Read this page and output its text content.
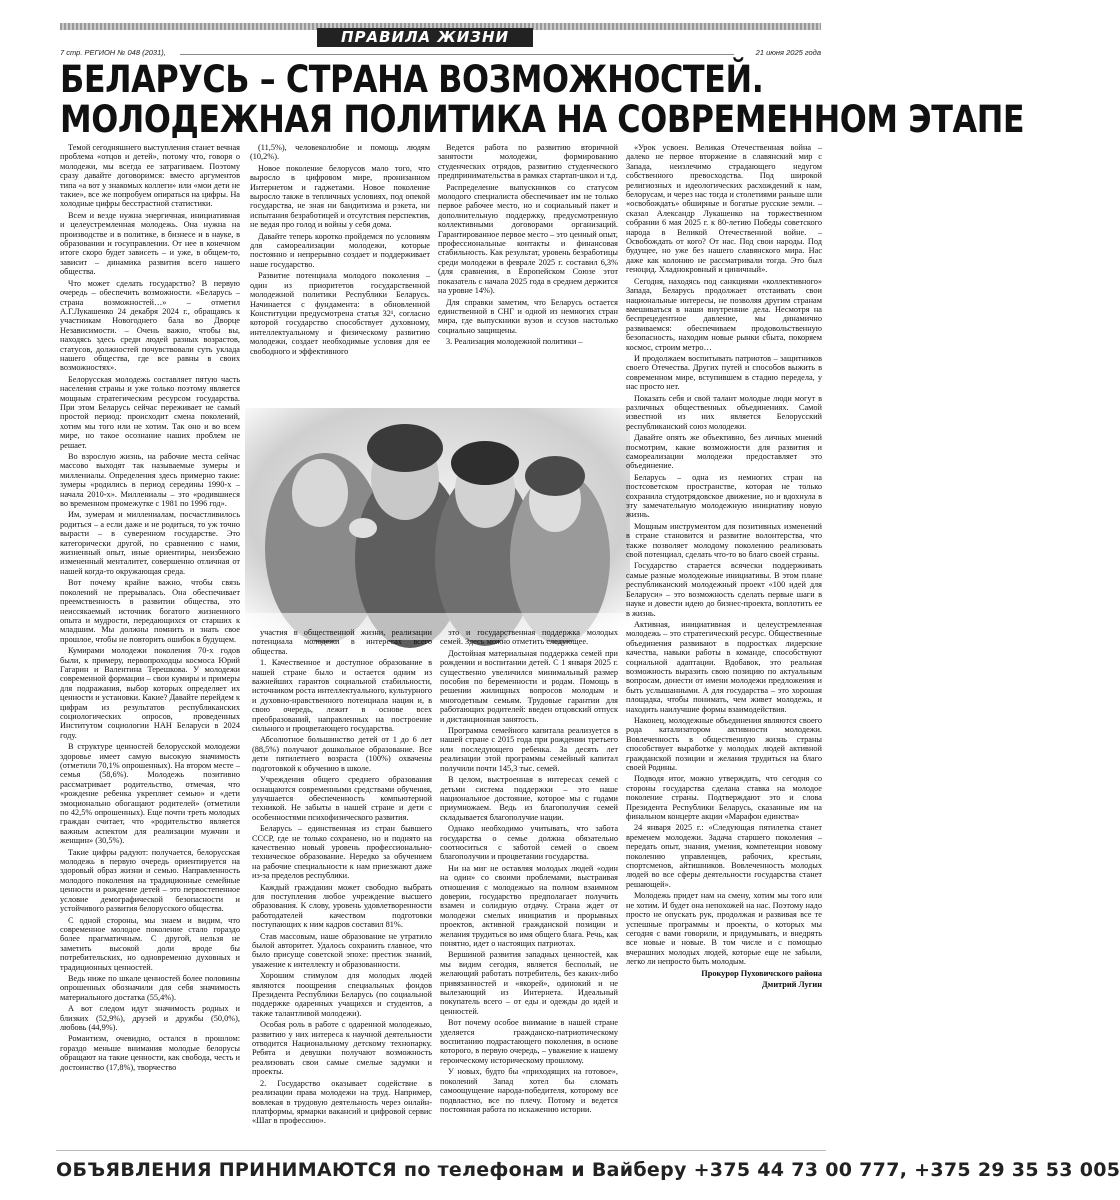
ПРАВИЛА ЖИЗНИ
7 стр. РЕГИОН № 048 (2031),	21 июня 2025 года
БЕЛАРУСЬ – СТРАНА ВОЗМОЖНОСТЕЙ.
МОЛОДЕЖНАЯ ПОЛИТИКА НА СОВРЕМЕННОМ ЭТАПЕ

Темой сегодняшнего выступления станет вечная проблема «отцов и детей», потому что, говоря о молодежи, мы всегда ее затрагиваем. Поэтому сразу давайте договоримся: вместо аргументов типа «а вот у знакомых коллеги» или «мои дети не такие», все же попробуем опираться на цифры. На холодные цифры бесстрастной статистики.

Всем и везде нужна энергичная, инициативная и целеустремленная молодежь. Она нужна на производстве и в политике, в бизнесе и в науке, в образовании и госуправлении. От нее в конечном итоге скоро будет зависеть – и уже, в общем-то, зависит – динамика развития всего нашего общества.

Что может сделать государство? В первую очередь – обеспечить возможности. «Беларусь – страна возможностей…» – отметил А.Г.Лукашенко 24 декабря 2024 г., обращаясь к участникам Новогоднего бала во Дворце Независимости. – Очень важно, чтобы вы, находясь здесь среди людей разных возрастов, статусов, должностей почувствовали суть уклада нашего общества, где все равны в своих возможностях».

Белорусская молодежь составляет пятую часть населения страны и уже только поэтому является мощным стратегическим ресурсом государства. При этом Беларусь сейчас переживает не самый простой период: происходит смена поколений, хотим мы того или не хотим. Так оно и во всем мире, но такое осознание наших проблем не решает.

Во взрослую жизнь, на рабочие места сейчас массово выходят так называемые зумеры и миллениалы. Определения здесь примерно такие: зумеры «родились в период середины 1990-х – начала 2010-х». Миллениалы – это «родившиеся во временном промежутке с 1981 по 1996 год».

Им, зумерам и миллениалам, посчастливилось родиться – а если даже и не родиться, то уж точно вырасти – в суверенном государстве. Это категорически другой, по сравнению с нами, жизненный опыт, иные ориентиры, неизбежно измененный менталитет, совершенно отличная от нашей когда-то окружающая среда.

Вот почему крайне важно, чтобы связь поколений не прерывалась. Она обеспечивает преемственность в развитии общества, это неиссякаемый источник богатого жизненного опыта и мудрости, передающихся от старших к младшим. Мы должны помнить и знать свое прошлое, чтобы не повторить ошибок в будущем.

Кумирами молодежи поколения 70-х годов были, к примеру, первопроходцы космоса Юрий Гагарин и Валентина Терешкова. У молодежи современной формации – свои кумиры и примеры для подражания, выбор которых определяет их ценности и установки. Какие? Давайте перейдем к цифрам из результатов республиканских социологических опросов, проведенных Институтом социологии НАН Беларуси в 2024 году.

В структуре ценностей белорусской молодежи здоровье имеет самую высокую значимость (отметили 70,1% опрошенных). На втором месте – семья (58,6%). Молодежь позитивно рассматривает родительство, отмечая, что «рождение ребенка укрепляет семью» и «дети эмоционально обогащают родителей» (отметили по 42,5% опрошенных). Еще почти треть молодых граждан считает, что «родительство является важным аспектом для реализации мужчин и женщин» (30,5%).

Такие цифры радуют: получается, белорусская молодежь в первую очередь ориентируется на здоровый образ жизни и семью. Направленность молодого поколения на традиционные семейные ценности и рождение детей – это первостепенное условие демографической безопасности и устойчивого развития белорусского общества.

С одной стороны, мы знаем и видим, что современное молодое поколение стало гораздо более прагматичным. С другой, нельзя не заметить высокой доли вроде бы потребительских, но одновременно духовных и традиционных ценностей.

Ведь ниже по шкале ценностей более половины опрошенных обозначили для себя значимость материального достатка (55,4%).

А вот следом идут значимость родных и близких (52,9%), друзей и дружбы (50,0%), любовь (44,9%).

Романтизм, очевидно, остался в прошлом: гораздо меньше внимания молодые белорусы обращают на такие ценности, как свобода, честь и достоинство (17,8%), творчество

(11,5%), человеколюбие и помощь людям (10,2%).

Новое поколение белорусов мало того, что выросло в цифровом мире, пронизанном Интернетом и гаджетами. Новое поколение выросло также в тепличных условиях, под опекой государства, не зная ни бандитизма и рэкета, ни испытания безработицей и отсутствия перспектив, не ведая про голод и войны у себя дома.

Давайте теперь коротко пройдемся по условиям для самореализации молодежи, которые постоянно и непрерывно создает и поддерживает наше государство.

Развитие потенциала молодого поколения – один из приоритетов государственной молодежной политики Республики Беларусь. Начинается с фундамента: в обновленной Конституции предусмотрена статья 32¹, согласно которой государство способствует духовному, интеллектуальному и физическому развитию молодежи, создает необходимые условия для ее свободного и эффективного

Ведется работа по развитию вторичной занятости молодежи, формированию студенческих отрядов, развитию студенческого предпринимательства в рамках стартап-школ и т.д.

Распределение выпускников со статусом молодого специалиста обеспечивает им не только первое рабочее место, но и социальный пакет и дополнительную поддержку, предусмотренную коллективными договорами организаций. Гарантированное первое место – это ценный опыт, профессиональные контакты и финансовая стабильность. Как результат, уровень безработицы среди молодежи в феврале 2025 г. составил 6,3% (для сравнения, в Европейском Союзе этот показатель с начала 2025 года в среднем держится на уровне 14%).

Для справки заметим, что Беларусь остается единственной в СНГ и одной из немногих стран мира, где выпускники вузов и ссузов настолько социально защищены.

3. Реализация молодежной политики –

участия в общественной жизни, реализации потенциала молодежи в интересах всего общества.

1. Качественное и доступное образование в нашей стране было и остается одним из важнейших гарантов социальной стабильности, источником роста интеллектуального, культурного и духовно-нравственного потенциала нации и, в свою очередь, лежит в основе всех преобразований, направленных на построение сильного и процветающего государства.

Абсолютное большинство детей от 1 до 6 лет (88,5%) получают дошкольное образование. Все дети пятилетнего возраста (100%) охвачены подготовкой к обучению в школе.

Учреждения общего среднего образования оснащаются современными средствами обучения, улучшается обеспеченность компьютерной техникой. Не забыты в нашей стране и дети с особенностями психофизического развития.

Беларусь – единственная из стран бывшего СССР, где не только сохранено, но и поднято на качественно новый уровень профессионально-техническое образование. Нередко за обучением на рабочие специальности к нам приезжают даже из-за пределов республики.

Каждый гражданин может свободно выбрать для поступления любое учреждение высшего образования. К слову, уровень удовлетворенности работодателей качеством подготовки поступающих к ним кадров составил 81%.

Став массовым, наше образование не утратило былой авторитет. Удалось сохранить главное, что было присуще советской эпохе: престиж знаний, уважение к интеллекту и образованности.

Хорошим стимулом для молодых людей являются поощрения специальных фондов Президента Республики Беларусь (по социальной поддержке одаренных учащихся и студентов, а также талантливой молодежи).

Особая роль в работе с одаренной молодежью, развитию у них интереса к научной деятельности отводится Национальному детскому технопарку. Ребята и девушки получают возможность реализовать свои самые смелые задумки и проекты.

2. Государство оказывает содействие в реализации права молодежи на труд. Например, вовлекая в трудовую деятельность через онлайн-платформы, ярмарки вакансий и цифровой сервис «Шаг в профессию».

это и государственная поддержка молодых семей. Здесь можно отметить следующее.

Достойная материальная поддержка семей при рождении и воспитании детей. С 1 января 2025 г. существенно увеличился минимальный размер пособия по беременности и родам. Помощь в решении жилищных вопросов молодым и многодетным семьям. Трудовые гарантии для работающих родителей: введен отцовский отпуск и дистанционная занятость.

Программа семейного капитала реализуется в нашей стране с 2015 года при рождении третьего или последующего ребенка. За десять лет реализации этой программы семейный капитал получили почти 145,3 тыс. семей.

В целом, выстроенная в интересах семей с детьми система поддержки – это наше национальное достояние, которое мы с годами приумножаем. Ведь из благополучия семей складывается благополучие нации.

Однако необходимо учитывать, что забота государства о семье должна обязательно соотноситься с заботой семей о своем благополучии и процветании государства.

Ни на миг не оставляя молодых людей «один на один» со своими проблемами, выстраивая отношения с молодежью на полном взаимном доверии, государство предполагает получить взамен и солидную отдачу. Страна ждет от молодежи смелых инициатив и прорывных проектов, активной гражданской позиции и желания трудиться во имя общего блага. Речь, как понятно, идет о настоящих патриотах.

Вершиной развития западных ценностей, как мы видим сегодня, является бесполый, не желающий работать потребитель, без каких-либо привязанностей и «якорей», одинокий и не вылезающий из Интернета. Идеальный покупатель всего – от еды и одежды до идей и ценностей.

Вот почему особое внимание в нашей стране уделяется гражданско-патриотическому воспитанию подрастающего поколения, в основе которого, в первую очередь, – уважение к нашему героическому историческому прошлому.

У новых, будто бы «приходящих на готовое», поколений Запад хотел бы сломать самоощущение народа-победителя, которому все подвластно, все по плечу. Потому и ведется постоянная работа по искажению истории.

«Урок усвоен. Великая Отечественная война – далеко не первое вторжение в славянский мир с Запада, неизлечимо страдающего недугом собственного превосходства. Под широкой религиозных и идеологических расхождений к нам, белорусам, и через нас тогда и столетиями раньше шли «освобождать» обширные и богатые русские земли. – сказал Александр Лукашенко на торжественном собрании 6 мая 2025 г. к 80-летию Победы советского народа в Великой Отечественной войне. – Освобождать от кого? От нас. Под свои народы. Под будущее, но уже без нашего славянского мира. Нас даже как колонию не рассматривали тогда. Это был геноцид. Хладнокровный и циничный».

Сегодня, находясь под санкциями «коллективного» Запада, Беларусь продолжает отстаивать свои национальные интересы, не позволяя другим странам вмешиваться в наши внутренние дела. Несмотря на беспрецедентное давление, мы динамично развиваемся: обеспечиваем продовольственную безопасность, находим новые рынки сбыта, покоряем космос, строим метро…

И продолжаем воспитывать патриотов – защитников своего Отечества. Других путей и способов выжить в современном мире, вступившем в стадию передела, у нас просто нет.

Показать себя и свой талант молодые люди могут в различных общественных объединениях. Самой известной из них является Белорусский республиканский союз молодежи.

Давайте опять же объективно, без личных мнений посмотрим, какие возможности для развития и самореализации молодежи предоставляет это объединение.

Беларусь – одна из немногих стран на постсоветском пространстве, которая не только сохранила студотрядовское движение, но и вдохнула в эту замечательную молодежную инициативу новую жизнь.

Мощным инструментом для позитивных изменений в стране становится и развитие волонтерства, что также позволяет молодому поколению реализовать свой потенциал, сделать что-то во благо своей страны.

Государство старается всячески поддерживать самые разные молодежные инициативы. В этом плане республиканский молодежный проект «100 идей для Беларуси» – это возможность сделать первые шаги в науке и довести идею до бизнес-проекта, воплотить ее в жизнь.

Активная, инициативная и целеустремленная молодежь – это стратегический ресурс. Общественные объединения развивают в подростках лидерские качества, навыки работы в команде, способствуют социальной адаптации. Вдобавок, это реальная возможность выразить свою позицию по актуальным вопросам, донести от имени молодежи предложения и быть услышанными. А для государства – это хорошая площадка, чтобы понимать, чем живет молодежь, и находить наилучшие формы взаимодействия.

Наконец, молодежные объединения являются своего рода катализатором активности молодежи. Вовлеченность в общественную жизнь страны способствует выработке у молодых людей активной гражданской позиции и желания трудиться на благо своей Родины.

Подводя итог, можно утверждать, что сегодня со стороны государства сделана ставка на молодое поколение страны. Подтверждают это и слова Президента Республики Беларусь, сказанные им на финальном концерте акции «Марафон единства»

24 января 2025 г.: «Следующая пятилетка станет временем молодежи. Задача старшего поколения – передать опыт, знания, умения, компетенции новому поколению управленцев, рабочих, крестьян, спортсменов, айтишников. Вовлеченность молодых людей во все сферы деятельности государства станет решающей».

Молодежь придет нам на смену, хотим мы того или не хотим. И будет она непохожей на нас. Поэтому надо просто не опускать рук, продолжая и развивая все те успешные программы и проекты, о которых мы сегодня с вами говорили, и придумывать, и внедрять все новые и новые. В том числе и с помощью вчерашних молодых людей, которые еще не забыли, легко ли непросто быть молодым.

Прокурор Пуховичского района

Дмитрий Лугин

ОБЪЯВЛЕНИЯ ПРИНИМАЮТСЯ по телефонам и Вайберу +375 44 73 00 777, +375 29 35 53 005
